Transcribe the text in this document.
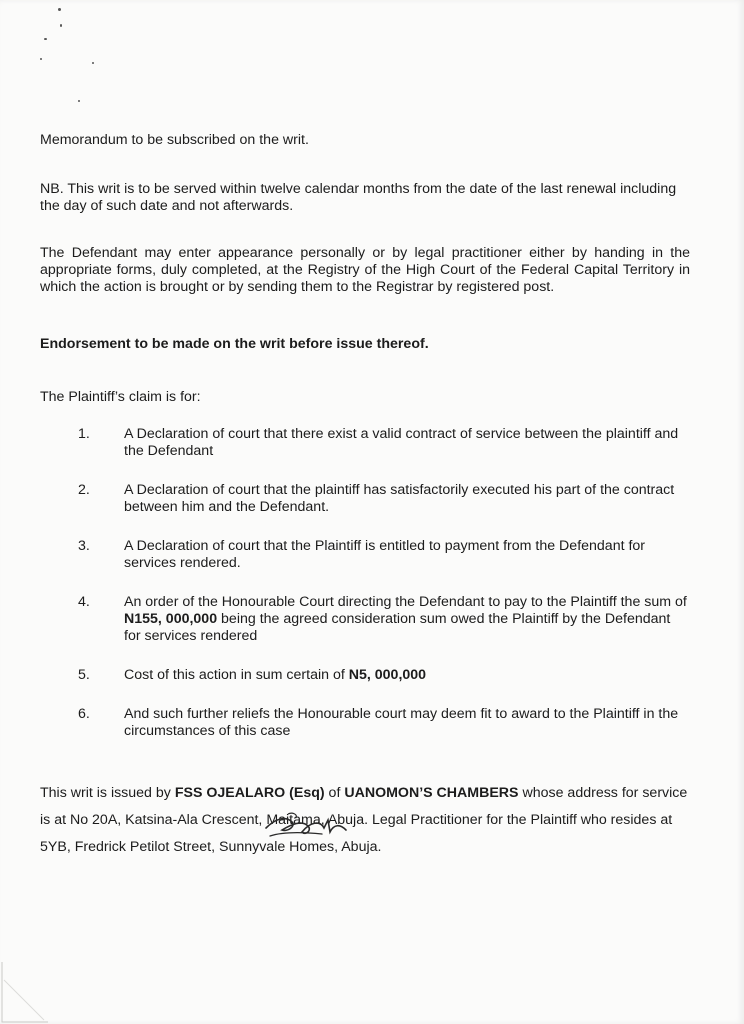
Memorandum to be subscribed on the writ.

NB. This writ is to be served within twelve calendar months from the date of the last renewal including the day of such date and not afterwards.

The Defendant may enter appearance personally or by legal practitioner either by handing in the appropriate forms, duly completed, at the Registry of the High Court of the Federal Capital Territory in which the action is brought or by sending them to the Registrar by registered post.

Endorsement to be made on the writ before issue thereof.

The Plaintiff’s claim is for:

1.	A Declaration of court that there exist a valid contract of service between the plaintiff and the Defendant
2.	A Declaration of court that the plaintiff has satisfactorily executed his part of the contract between him and the Defendant.
3.	A Declaration of court that the Plaintiff is entitled to payment from the Defendant for services rendered.
4.	An order of the Honourable Court directing the Defendant to pay to the Plaintiff the sum of N155, 000,000 being the agreed consideration sum owed the Plaintiff by the Defendant for services rendered
5.	Cost of this action in sum certain of N5, 000,000
6.	And such further reliefs the Honourable court may deem fit to award to the Plaintiff in the circumstances of this case

This writ is issued by FSS OJEALARO (Esq) of UANOMON’S CHAMBERS whose address for service is at No 20A, Katsina-Ala Crescent, Maitama, Abuja. Legal Practitioner for the Plaintiff who resides at 5YB, Fredrick Petilot Street, Sunnyvale Homes, Abuja.
